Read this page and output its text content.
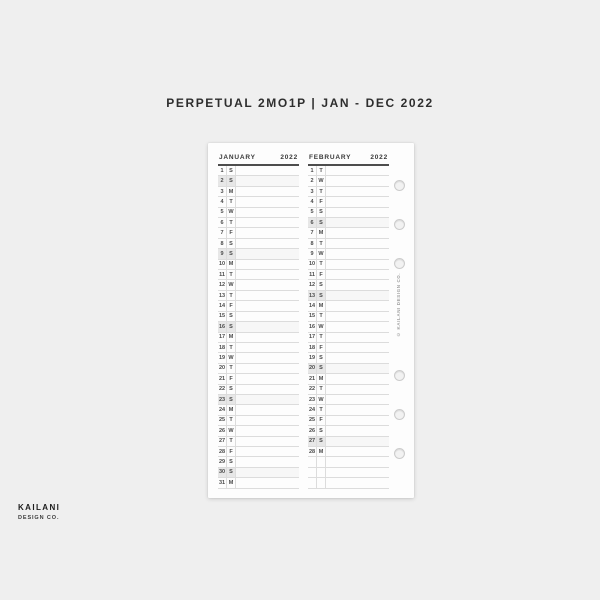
PERPETUAL 2MO1P | JAN - DEC 2022
JANUARY	2022
1	S
2	S
3 M
4	T
5 W
6	T
7	F
8	S
9	S
10 M
11 T
12 W
13 T
14 F
15 S
16 S
17 M
18 T
19 W
20 T
21 F
22 S
23 S
24 M
25 T
26 W
27 T
28 F
29 S
30 S
31 M
FEBRUARY	2022
1	T
2 W
3	T
4	F
5	S
6	S
7 M
8	T
9 W
10 T
11 F
12 S
13 S
14 M
15 T
16 W
17 T
18 F
19 S
20 S
21 M
22 T
23 W
24 T
25 F
26 S
27 S
28 M
© KAILANI DESIGN CO.
KAILANI
DESIGN CO.
